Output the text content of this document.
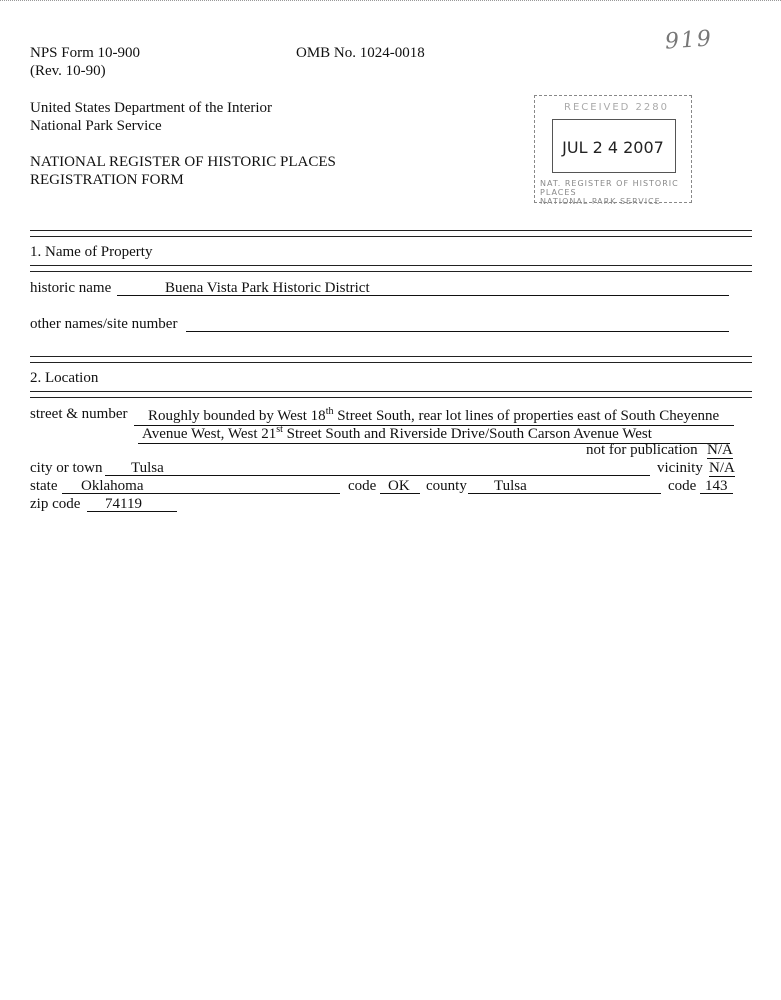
NPS Form 10-900	OMB No. 1024-0018
(Rev. 10-90)
919
United States Department of the Interior
National Park Service
NATIONAL REGISTER OF HISTORIC PLACES
REGISTRATION FORM
RECEIVED 2280
JUL 2 4 2007
NAT. REGISTER OF HISTORIC PLACES
NATIONAL PARK SERVICE
1. Name of Property
historic name	Buena Vista Park Historic District
other names/site number
2. Location
street & number	Roughly bounded by West 18th Street South, rear lot lines of properties east of South Cheyenne
Avenue West, West 21st Street South and Riverside Drive/South Carson Avenue West
not for publication N/A
city or town Tulsa	vicinity N/A
state Oklahoma	code OK county Tulsa	code 143
zip code 74119
